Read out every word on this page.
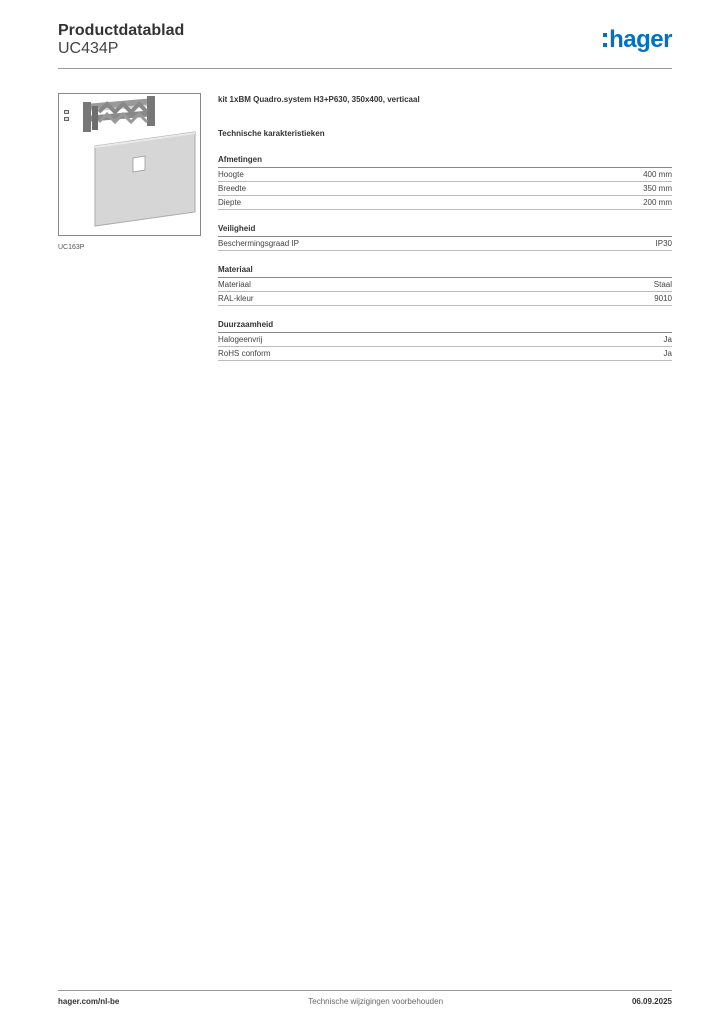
Productdatablad
UC434P	hager
UC163P
kit 1xBM Quadro.system H3+P630, 350x400, verticaal
Technische karakteristieken
Afmetingen
Hoogte	400 mm
Breedte	350 mm
Diepte	200 mm
Veiligheid
Beschermingsgraad IP	IP30
Materiaal
Materiaal	Staal
RAL-kleur	9010
Duurzaamheid
Halogeenvrij	Ja
RoHS conform	Ja
hager.com/nl-be	Technische wijzigingen voorbehouden	06.09.2025
